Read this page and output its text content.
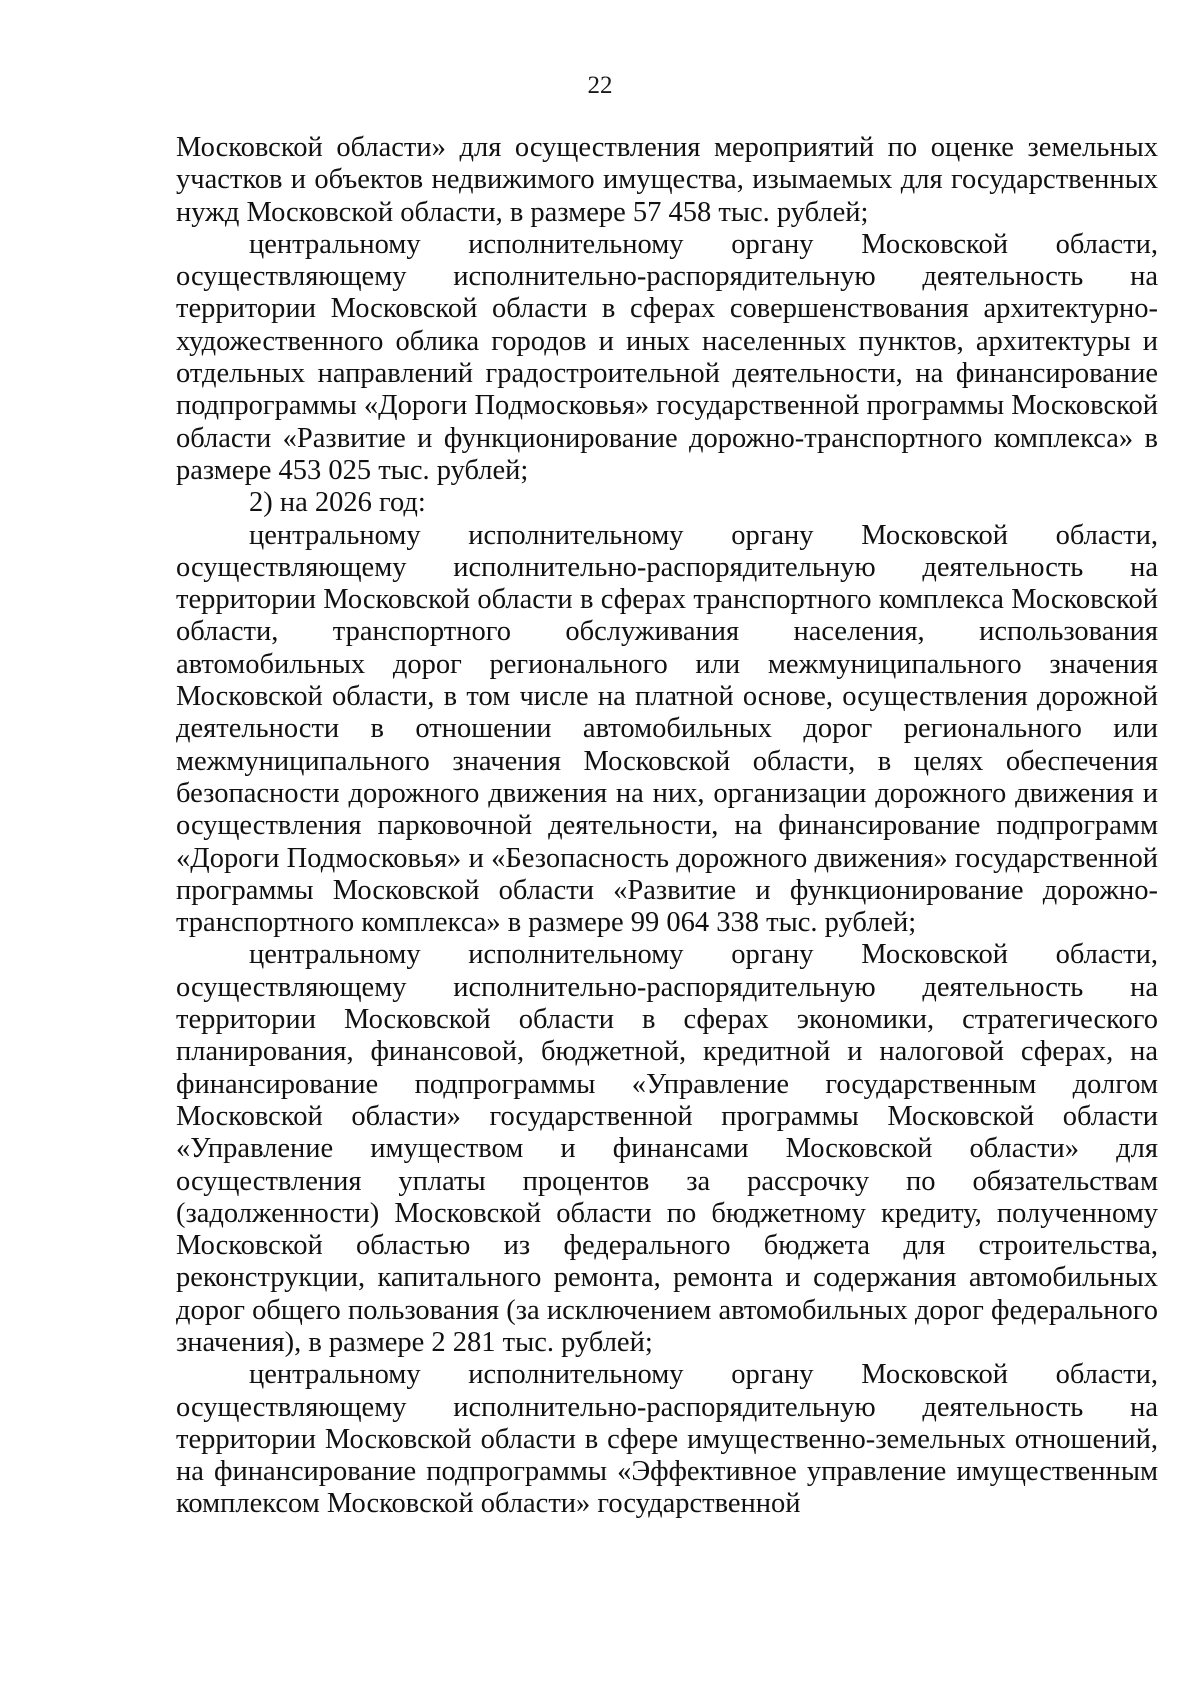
22

Московской области» для осуществления мероприятий по оценке земельных участков и объектов недвижимого имущества, изымаемых для государственных нужд Московской области, в размере 57 458 тыс. рублей;

центральному исполнительному органу Московской области, осуществляющему исполнительно-распорядительную деятельность на территории Московской области в сферах совершенствования архитектурно-художественного облика городов и иных населенных пунктов, архитектуры и отдельных направлений градостроительной деятельности, на финансирование подпрограммы «Дороги Подмосковья» государственной программы Московской области «Развитие и функционирование дорожно-транспортного комплекса» в размере 453 025 тыс. рублей;

2) на 2026 год:

центральному исполнительному органу Московской области, осуществляющему исполнительно-распорядительную деятельность на территории Московской области в сферах транспортного комплекса Московской области, транспортного обслуживания населения, использования автомобильных дорог регионального или межмуниципального значения Московской области, в том числе на платной основе, осуществления дорожной деятельности в отношении автомобильных дорог регионального или межмуниципального значения Московской области, в целях обеспечения безопасности дорожного движения на них, организации дорожного движения и осуществления парковочной деятельности, на финансирование подпрограмм «Дороги Подмосковья» и «Безопасность дорожного движения» государственной программы Московской области «Развитие и функционирование дорожно-транспортного комплекса» в размере 99 064 338 тыс. рублей;

центральному исполнительному органу Московской области, осуществляющему исполнительно-распорядительную деятельность на территории Московской области в сферах экономики, стратегического планирования, финансовой, бюджетной, кредитной и налоговой сферах, на финансирование подпрограммы «Управление государственным долгом Московской области» государственной программы Московской области «Управление имуществом и финансами Московской области» для осуществления уплаты процентов за рассрочку по обязательствам (задолженности) Московской области по бюджетному кредиту, полученному Московской областью из федерального бюджета для строительства, реконструкции, капитального ремонта, ремонта и содержания автомобильных дорог общего пользования (за исключением автомобильных дорог федерального значения), в размере 2 281 тыс. рублей;

центральному исполнительному органу Московской области, осуществляющему исполнительно-распорядительную деятельность на территории Московской области в сфере имущественно-земельных отношений, на финансирование подпрограммы «Эффективное управление имущественным комплексом Московской области» государственной
